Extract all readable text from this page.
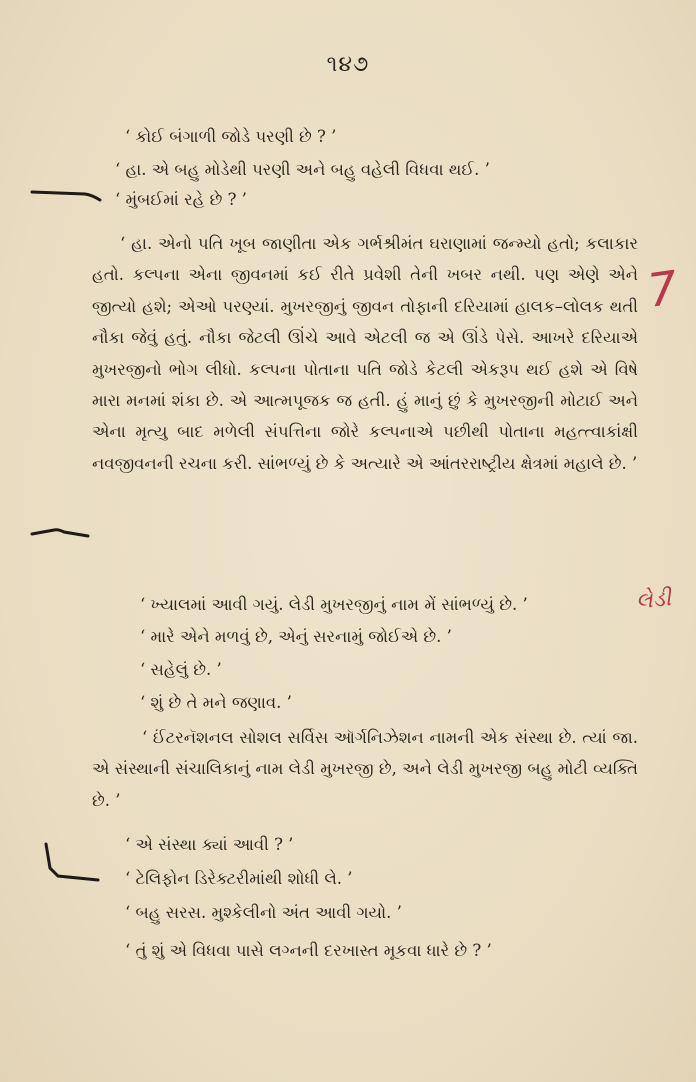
૧૪૭
‘ કોઈ બંગાળી જોડે પરણી છે ? ’
‘ હા. એ બહુ મોડેથી પરણી અને બહુ વહેલી વિધવા થઈ. ’
‘ મુંબઈમાં રહે છે ? ’
‘ હા. એનો પતિ ખૂબ જાણીતા એક ગર્ભશ્રીમંત ઘરાણામાં જન્મ્યો હતો; કલાકાર હતો. કલ્પના એના જીવનમાં કઈ રીતે પ્રવેશી તેની ખબર નથી. પણ એણે એને જીત્યો હશે; એઓ પરણ્યાં. મુખરજીનું જીવન તોફાની દરિયામાં હાલક–લોલક થતી નૌકા જેવું હતું. નૌકા જેટલી ઊંચે આવે એટલી જ એ ઊંડે પેસે. આખરે દરિયાએ મુખરજીનો ભોગ લીધો. કલ્પના પોતાના પતિ જોડે કેટલી એકરૂપ થઈ હશે એ વિષે મારા મનમાં શંકા છે. એ આત્મપૂજક જ હતી. હું માનું છું કે મુખરજીની મોટાઈ અને એના મૃત્યુ બાદ મળેલી સંપત્તિના જોરે કલ્પનાએ પછીથી પોતાના મહત્ત્વાકાંક્ષી નવજીવનની રચના કરી. સાંભળ્યું છે કે અત્યારે એ આંતરરાષ્ટ્રીય ક્ષેત્રમાં મહાલે છે. ’
‘ ખ્યાલમાં આવી ગયું. લેડી મુખરજીનું નામ મેં સાંભળ્યું છે. ’
‘ મારે એને મળવું છે, એનું સરનામું જોઈએ છે. ’
‘ સહેલું છે. ’
‘ શું છે તે મને જણાવ. ’
‘ ઈંટરનૅશનલ સોશલ સર્વિસ ઑર્ગનિઝેશન નામની એક સંસ્થા છે. ત્યાં જા. એ સંસ્થાની સંચાલિકાનું નામ લેડી મુખરજી છે, અને લેડી મુખરજી બહુ મોટી વ્યક્તિ છે. ’
‘ એ સંસ્થા ક્યાં આવી ? ’
‘ ટેલિફોન ડિરેક્ટરીમાંથી શોધી લે. ’
‘ બહુ સરસ. મુશ્કેલીનો અંત આવી ગયો. ’
‘ તું શું એ વિધવા પાસે લગ્નની દરખાસ્ત મૂકવા ધારે છે ? ’
7
લેડી
